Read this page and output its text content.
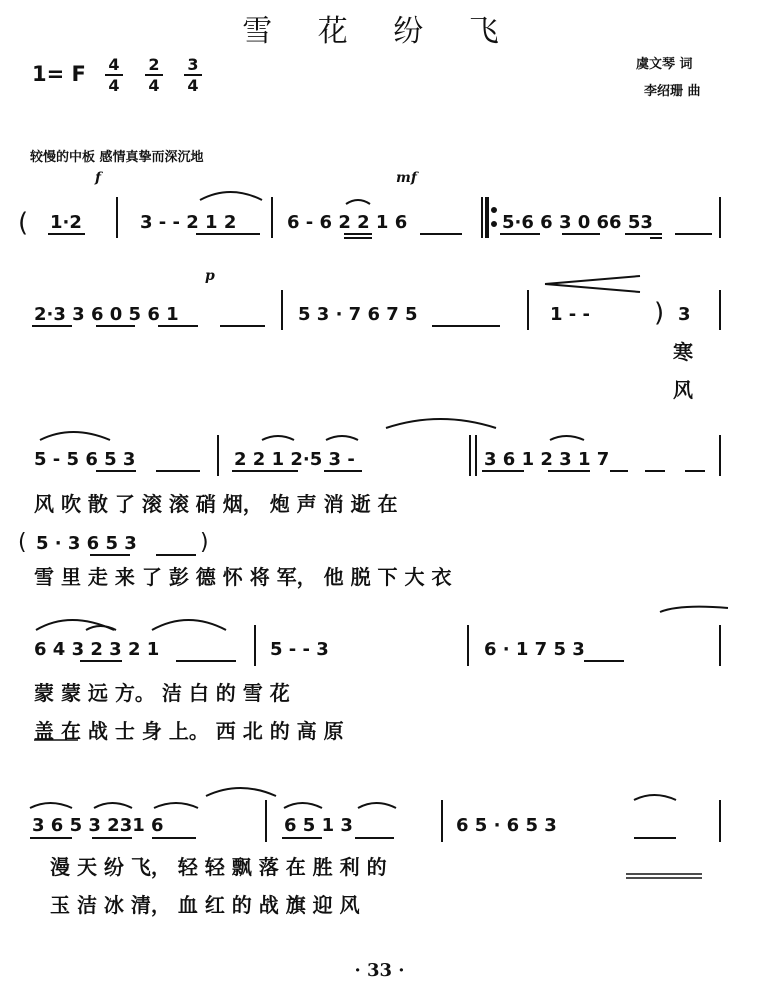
雪 花 纷 飞
1= F 4
4
2
4
3
4
虞文琴 词
李绍珊 曲
较慢的中板 感情真挚而深沉地
f	mf
p
( 1·2	3 - - 2 1 2	6 - 6 2 2 1 6	5·6 6 3 0 66 53
2·3 3 6 0 5 6 1	5 3 · 7 6 7 5	1 - - ) 3
寒
风
5 - 5 6 5 3	2 2 1 2·5 3 -	3 6 1 2 3 1 7
风 吹 散 了 滚 滚 硝 烟， 炮 声 消 逝 在
( 5 · 3 6 5 3	)
雪 里 走 来 了 彭 德 怀 将 军， 他 脱 下 大 衣
6 4 3 2 3 2 1	5 - - 3	6 · 1 7 5 3
蒙 蒙 远 方。 洁 白 的 雪 花
盖 在 战 士 身 上。 西 北 的 高 原
3 6 5 3 231 6	6 5 1 3	6 5 · 6 5 3
漫 天 纷 飞， 轻 轻 飘 落 在 胜 利 的
玉 洁 冰 清， 血 红 的 战 旗 迎 风
· 33 ·
